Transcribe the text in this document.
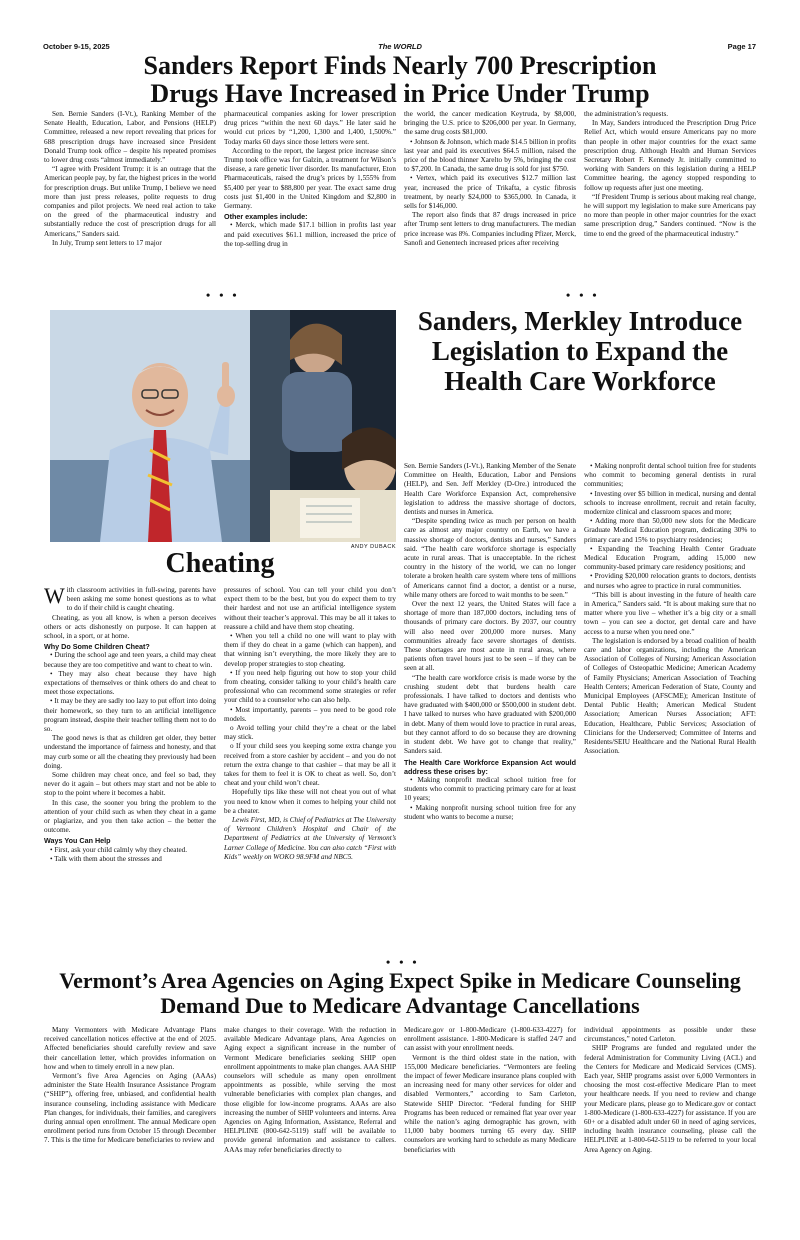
October 9-15, 2025	The WORLD	Page 17
Sanders Report Finds Nearly 700 Prescription Drugs Have Increased in Price Under Trump

Sen. Bernie Sanders (I-Vt.), Ranking Member of the Senate Health, Education, Labor, and Pensions (HELP) Committee, released a new report revealing that prices for 688 prescription drugs have increased since President Donald Trump took office – despite his repeated promises to lower drug costs “almost immediately.”

“I agree with President Trump: it is an outrage that the American people pay, by far, the highest prices in the world for prescription drugs. But unlike Trump, I believe we need more than just press releases, polite requests to drug companies and pilot projects. We need real action to take on the greed of the pharmaceutical industry and substantially reduce the cost of prescription drugs for all Americans,” Sanders said.

In July, Trump sent letters to 17 major

pharmaceutical companies asking for lower prescription drug prices “within the next 60 days.” He later said he would cut prices by “1,200, 1,300 and 1,400, 1,500%.” Today marks 60 days since those letters were sent.

According to the report, the largest price increase since Trump took office was for Galzin, a treatment for Wilson’s disease, a rare genetic liver disorder. Its manufacturer, Eton Pharmaceuticals, raised the drug’s prices by 1,555% from $5,400 per year to $88,800 per year. The exact same drug costs just $1,400 in the United Kingdom and $2,800 in Germany.

Other examples include:

• Merck, which made $17.1 billion in profits last year and paid executives $61.1 million, increased the price of the top-selling drug in

the world, the cancer medication Keytruda, by $8,000, bringing the U.S. price to $206,000 per year. In Germany, the same drug costs $81,000.

• Johnson & Johnson, which made $14.5 billion in profits last year and paid its executives $64.5 million, raised the price of the blood thinner Xarelto by 5%, bringing the cost to $7,200. In Canada, the same drug is sold for just $750.

• Vertex, which paid its executives $12.7 million last year, increased the price of Trikafta, a cystic fibrosis treatment, by nearly $24,000 to $365,000. In Canada, it sells for $146,000.

The report also finds that 87 drugs increased in price after Trump sent letters to drug manufacturers. The median price increase was 8%. Companies including Pfizer, Merck, Sanofi and Genentech increased prices after receiving

the administration’s requests.

In May, Sanders introduced the Prescription Drug Price Relief Act, which would ensure Americans pay no more than people in other major countries for the exact same prescription drug. Although Health and Human Services Secretary Robert F. Kennedy Jr. initially committed to working with Sanders on this legislation during a HELP Committee hearing, the agency stopped responding to follow up requests after just one meeting.

“If President Trump is serious about making real change, he will support my legislation to make sure Americans pay no more than people in other major countries for the exact same prescription drug,” Sanders continued. “Now is the time to end the greed of the pharmaceutical industry.”

• • •	• • •
ANDY DUBACK
Cheating

With classroom activities in full-swing, parents have been asking me some honest questions as to what to do if their child is caught cheating.

Cheating, as you all know, is when a person deceives others or acts dishonestly on purpose. It can happen at school, in a sport, or at home.

Why Do Some Children Cheat?

• During the school age and teen years, a child may cheat because they are too competitive and want to cheat to win.

• They may also cheat because they have high expectations of themselves or think others do and cheat to meet those expectations.

• It may be they are sadly too lazy to put effort into doing their homework, so they turn to an artificial intelligence program instead, despite their teacher telling them not to do so.

The good news is that as children get older, they better understand the importance of fairness and honesty, and that may curb some or all the cheating they previously had been doing.

Some children may cheat once, and feel so bad, they never do it again – but others may start and not be able to stop to the point where it becomes a habit.

In this case, the sooner you bring the problem to the attention of your child such as when they cheat in a game or plagiarize, and you then take action – the better the outcome.

Ways You Can Help

• First, ask your child calmly why they cheated.

• Talk with them about the stresses and

pressures of school. You can tell your child you don’t expect them to be the best, but you do expect them to try their hardest and not use an artificial intelligence system without their teacher’s approval. This may be all it takes to reassure a child and have them stop cheating.

• When you tell a child no one will want to play with them if they do cheat in a game (which can happen), and that winning isn’t everything, the more likely they are to develop proper strategies to stop cheating.

• If you need help figuring out how to stop your child from cheating, consider talking to your child’s health care professional who can recommend some strategies or refer your child to a counselor who can also help.

• Most importantly, parents – you need to be good role models.

o Avoid telling your child they’re a cheat or the label may stick.

o If your child sees you keeping some extra change you received from a store cashier by accident – and you do not return the extra change to that cashier – that may be all it takes for them to feel it is OK to cheat as well. So, don’t cheat and your child won’t cheat.

Hopefully tips like these will not cheat you out of what you need to know when it comes to helping your child not be a cheater.

Lewis First, MD, is Chief of Pediatrics at The University of Vermont Children’s Hospital and Chair of the Department of Pediatrics at the University of Vermont’s Larner College of Medicine. You can also catch “First with Kids” weekly on WOKO 98.9FM and NBC5.

Sanders, Merkley Introduce Legislation to Expand the Health Care Workforce

Sen. Bernie Sanders (I-Vt.), Ranking Member of the Senate Committee on Health, Education, Labor and Pensions (HELP), and Sen. Jeff Merkley (D-Ore.) introduced the Health Care Workforce Expansion Act, comprehensive legislation to address the massive shortage of doctors, dentists and nurses in America.

“Despite spending twice as much per person on health care as almost any major country on Earth, we have a massive shortage of doctors, dentists and nurses,” Sanders said. “The health care workforce shortage is especially acute in rural areas. That is unacceptable. In the richest country in the history of the world, we can no longer tolerate a broken health care system where tens of millions of Americans cannot find a doctor, a dentist or a nurse, while many others are forced to wait months to be seen.”

Over the next 12 years, the United States will face a shortage of more than 187,000 doctors, including tens of thousands of primary care doctors. By 2037, our country will also need over 200,000 more nurses. Many communities already face severe shortages of dentists. These shortages are most acute in rural areas, where patients often travel hours just to be seen – if they can be seen at all.

“The health care workforce crisis is made worse by the crushing student debt that burdens health care professionals. I have talked to doctors and dentists who have graduated with $400,000 or $500,000 in student debt. I have talked to nurses who have graduated with $200,000 in debt. Many of them would love to practice in rural areas, but they cannot afford to do so because they are drowning in student debt. We have got to change that reality,” Sanders said.

The Health Care Workforce Expansion Act would address these crises by:

• Making nonprofit medical school tuition free for students who commit to practicing primary care for at least 10 years;

• Making nonprofit nursing school tuition free for any student who wants to become a nurse;

• Making nonprofit dental school tuition free for students who commit to becoming general dentists in rural communities;

• Investing over $5 billion in medical, nursing and dental schools to increase enrollment, recruit and retain faculty, modernize clinical and classroom spaces and more;

• Adding more than 50,000 new slots for the Medicare Graduate Medical Education program, dedicating 30% to primary care and 15% to psychiatry residencies;

• Expanding the Teaching Health Center Graduate Medical Education Program, adding 15,000 new community-based primary care residency positions; and

• Providing $20,000 relocation grants to doctors, dentists and nurses who agree to practice in rural communities.

“This bill is about investing in the future of health care in America,” Sanders said. “It is about making sure that no matter where you live – whether it’s a big city or a small town – you can see a doctor, get dental care and have access to a nurse when you need one.”

The legislation is endorsed by a broad coalition of health care and labor organizations, including the American Association of Colleges of Nursing; American Association of Colleges of Osteopathic Medicine; American Academy of Family Physicians; American Association of Teaching Health Centers; American Federation of State, County and Municipal Employees (AFSCME); American Institute of Dental Public Health; American Medical Student Association; American Nurses Association; AFT: Education, Healthcare, Public Services; Association of Clinicians for the Underserved; Committee of Interns and Residents/SEIU Healthcare and the National Rural Health Association.

• • •
Vermont’s Area Agencies on Aging Expect Spike in Medicare Counseling Demand Due to Medicare Advantage Cancellations

Many Vermonters with Medicare Advantage Plans received cancellation notices effective at the end of 2025. Affected beneficiaries should carefully review and save their cancellation letter, which provides information on how and when to timely enroll in a new plan.

Vermont’s five Area Agencies on Aging (AAAs) administer the State Health Insurance Assistance Program (“SHIP”), offering free, unbiased, and confidential health insurance counseling, including assistance with Medicare Plan changes, for individuals, their families, and caregivers during annual open enrollment. The annual Medicare open enrollment period runs from October 15 through December 7. This is the time for Medicare beneficiaries to review and

make changes to their coverage. With the reduction in available Medicare Advantage plans, Area Agencies on Aging expect a significant increase in the number of Vermont Medicare beneficiaries seeking SHIP open enrollment appointments to make plan changes. AAA SHIP counselors will schedule as many open enrollment appointments as possible, while serving the most vulnerable beneficiaries with complex plan changes, and those eligible for low-income programs. AAAs are also increasing the number of SHIP volunteers and interns. Area Agencies on Aging Information, Assistance, Referral and HELPLINE (800-642-5119) staff will be available to provide general information and assistance to callers. AAAs may refer beneficiaries directly to

Medicare.gov or 1-800-Medicare (1-800-633-4227) for enrollment assistance. 1-800-Medicare is staffed 24/7 and can assist with your enrollment needs.

Vermont is the third oldest state in the nation, with 155,000 Medicare beneficiaries. “Vermonters are feeling the impact of fewer Medicare insurance plans coupled with an increasing need for many other services for older and disabled Vermonters,” according to Sam Carleton, Statewide SHIP Director. “Federal funding for SHIP Programs has been reduced or remained flat year over year while the nation’s aging demographic has grown, with 11,000 baby boomers turning 65 every day. SHIP counselors are working hard to schedule as many Medicare beneficiaries with

individual appointments as possible under these circumstances,” noted Carleton.

SHIP Programs are funded and regulated under the federal Administration for Community Living (ACL) and the Centers for Medicare and Medicaid Services (CMS). Each year, SHIP programs assist over 6,000 Vermonters in choosing the most cost-effective Medicare Plan to meet your healthcare needs. If you need to review and change your Medicare plans, please go to Medicare.gov or contact 1-800-Medicare (1-800-633-4227) for assistance. If you are 60+ or a disabled adult under 60 in need of aging services, including health insurance counseling, please call the HELPLINE at 1-800-642-5119 to be referred to your local Area Agency on Aging.
